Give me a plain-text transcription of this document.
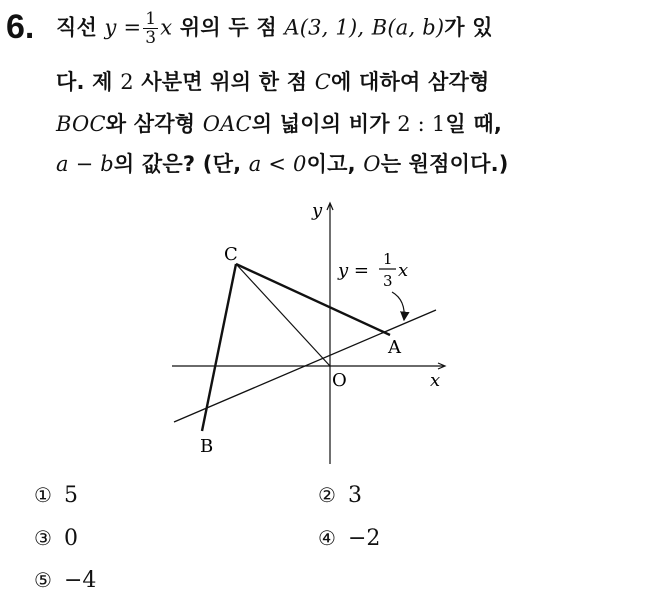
6. 직선 $y = \frac{1}{3}$ x 위의 두 점 A(3, 1), B(a, b)가 있
다. 제 2 사분면 위의 한 점 C에 대하여 삼각형
BOC와 삼각형 OAC의 넓이의 비가 2 : 1일 때,
a − b의 값은? (단, a < 0이고, O는 원점이다.)
y
x
C
A
B
O
y =
1
3 x
① 5	② 3
③ 0	④ −2
⑤ −4
